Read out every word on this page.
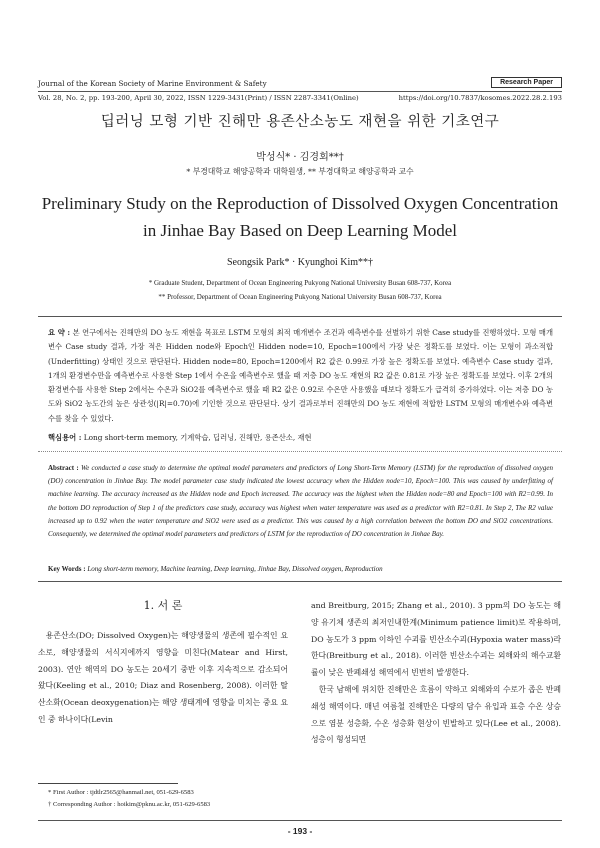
Journal of the Korean Society of Marine Environment & Safety	Research Paper
Vol. 28, No. 2, pp. 193-200, April 30, 2022, ISSN 1229-3431(Print) / ISSN 2287-3341(Online)	https://doi.org/10.7837/kosomes.2022.28.2.193
딥러닝 모형 기반 진해만 용존산소농도 재현을 위한 기초연구
박성식* · 김경회**†
* 부경대학교 해양공학과 대학원생, ** 부경대학교 해양공학과 교수
Preliminary Study on the Reproduction of Dissolved Oxygen Concentration in Jinhae Bay Based on Deep Learning Model
Seongsik Park* · Kyunghoi Kim**†
* Graduate Student, Department of Ocean Engineering Pukyong National University Busan 608-737, Korea
** Professor, Department of Ocean Engineering Pukyong National University Busan 608-737, Korea
요 약 : 본 연구에서는 진해만의 DO 농도 재현을 목표로 LSTM 모형의 최적 매개변수 조건과 예측변수를 선별하기 위한 Case study를 진행하였다. 모형 매개변수 Case study 결과, 가장 적은 Hidden node와 Epoch인 Hidden node=10, Epoch=100에서 가장 낮은 정확도를 보였다. 이는 모형이 과소적합(Underfitting) 상태인 것으로 판단된다. Hidden node=80, Epoch=1200에서 R2 값은 0.99로 가장 높은 정확도를 보였다. 예측변수 Case study 결과, 1개의 환경변수만을 예측변수로 사용한 Step 1에서 수온을 예측변수로 했을 때 저층 DO 농도 재현의 R2 값은 0.81로 가장 높은 정확도를 보였다. 이후 2개의 환경변수를 사용한 Step 2에서는 수온과 SiO2를 예측변수로 했을 때 R2 값은 0.92로 수온만 사용했을 때보다 정확도가 급격히 증가하였다. 이는 저층 DO 농도와 SiO2 농도간의 높은 상관성(|R|=0.70)에 기인한 것으로 판단된다. 상기 결과로부터 진해만의 DO 농도 재현에 적합한 LSTM 모형의 매개변수와 예측변수를 찾을 수 있었다.
핵심용어 : Long short-term memory, 기계학습, 딥러닝, 진해만, 용존산소, 재현
Abstract : We conducted a case study to determine the optimal model parameters and predictors of Long Short-Term Memory (LSTM) for the reproduction of dissolved oxygen (DO) concentration in Jinhae Bay. The model parameter case study indicated the lowest accuracy when the Hidden node=10, Epoch=100. This was caused by underfitting of machine learning. The accuracy increased as the Hidden node and Epoch increased. The accuracy was the highest when the Hidden node=80 and Epoch=100 with R2=0.99. In the bottom DO reproduction of Step 1 of the predictors case study, accuracy was highest when water temperature was used as a predictor with R2=0.81. In Step 2, The R2 value increased up to 0.92 when the water temperature and SiO2 were used as a predictor. This was caused by a high correlation between the bottom DO and SiO2 concentrations. Consequently, we determined the optimal model parameters and predictors of LSTM for the reproduction of DO concentration in Jinhae Bay.
Key Words : Long short-term memory, Machine learning, Deep learning, Jinhae Bay, Dissolved oxygen, Reproduction
1. 서 론

용존산소(DO; Dissolved Oxygen)는 해양생물의 생존에 필수적인 요소로, 해양생물의 서식지에까지 영향을 미친다(Matear and Hirst, 2003). 연안 해역의 DO 농도는 20세기 중반 이후 지속적으로 감소되어 왔다(Keeling et al., 2010; Diaz and Rosenberg, 2008). 이러한 탈산소화(Ocean deoxygenation)는 해양 생태계에 영향을 미치는 중요 요인 중 하나이다(Levin

and Breitburg, 2015; Zhang et al., 2010). 3 ppm의 DO 농도는 해양 유기체 생존의 최저인내한계(Minimum patience limit)로 작용하며, DO 농도가 3 ppm 이하인 수괴를 빈산소수괴(Hypoxia water mass)라 한다(Breitburg et al., 2018). 이러한 빈산소수괴는 외해와의 해수교환률이 낮은 반폐쇄성 해역에서 빈번히 발생한다.

한국 남해에 위치한 진해만은 흐름이 약하고 외해와의 수로가 좁은 반폐쇄성 해역이다. 매년 여름철 진해만은 다량의 담수 유입과 표층 수온 상승으로 염분 성층화, 수온 성층화 현상이 빈발하고 있다(Lee et al., 2008). 성층이 형성되면

* First Author : tjdtlr2565@hanmail.net, 051-629-6583
† Corresponding Author : hoikim@pknu.ac.kr, 051-629-6583
- 193 -
